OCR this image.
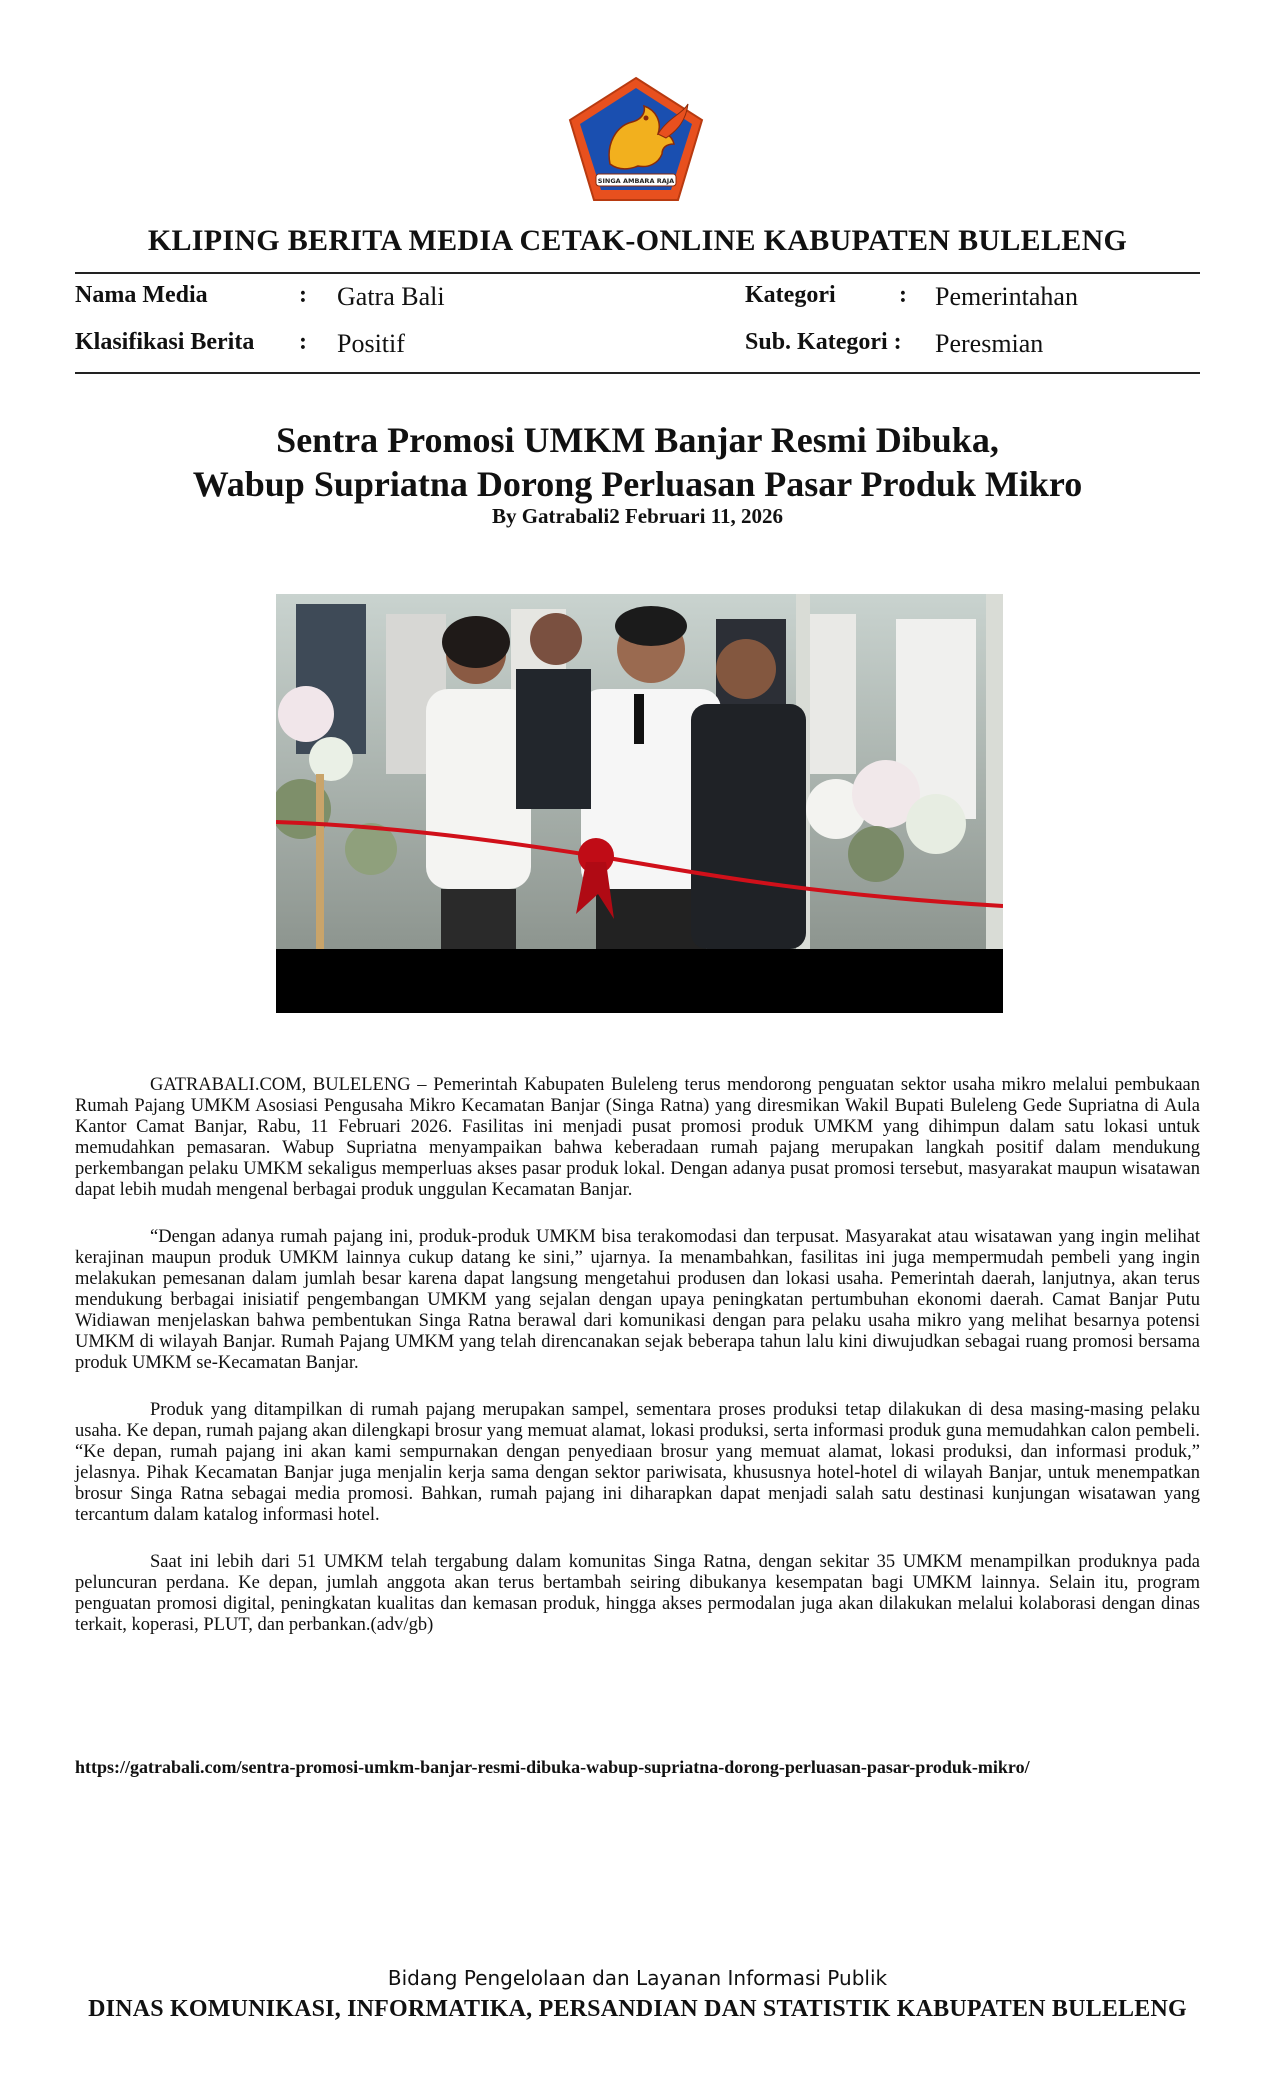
SINGA AMBARA RAJA
KLIPING BERITA MEDIA CETAK-ONLINE KABUPATEN BULELENG
Nama Media	: Gatra Bali	Kategori	: Pemerintahan
Klasifikasi Berita : Positif	Sub. Kategori : Peresmian
Sentra Promosi UMKM Banjar Resmi Dibuka,
Wabup Supriatna Dorong Perluasan Pasar Produk Mikro
By Gatrabali2 Februari 11, 2026

GATRABALI.COM, BULELENG – Pemerintah Kabupaten Buleleng terus mendorong penguatan sektor usaha mikro melalui pembukaan Rumah Pajang UMKM Asosiasi Pengusaha Mikro Kecamatan Banjar (Singa Ratna) yang diresmikan Wakil Bupati Buleleng Gede Supriatna di Aula Kantor Camat Banjar, Rabu, 11 Februari 2026. Fasilitas ini menjadi pusat promosi produk UMKM yang dihimpun dalam satu lokasi untuk memudahkan pemasaran. Wabup Supriatna menyampaikan bahwa keberadaan rumah pajang merupakan langkah positif dalam mendukung perkembangan pelaku UMKM sekaligus memperluas akses pasar produk lokal. Dengan adanya pusat promosi tersebut, masyarakat maupun wisatawan dapat lebih mudah mengenal berbagai produk unggulan Kecamatan Banjar.

“Dengan adanya rumah pajang ini, produk-produk UMKM bisa terakomodasi dan terpusat. Masyarakat atau wisatawan yang ingin melihat kerajinan maupun produk UMKM lainnya cukup datang ke sini,” ujarnya. Ia menambahkan, fasilitas ini juga mempermudah pembeli yang ingin melakukan pemesanan dalam jumlah besar karena dapat langsung mengetahui produsen dan lokasi usaha. Pemerintah daerah, lanjutnya, akan terus mendukung berbagai inisiatif pengembangan UMKM yang sejalan dengan upaya peningkatan pertumbuhan ekonomi daerah. Camat Banjar Putu Widiawan menjelaskan bahwa pembentukan Singa Ratna berawal dari komunikasi dengan para pelaku usaha mikro yang melihat besarnya potensi UMKM di wilayah Banjar. Rumah Pajang UMKM yang telah direncanakan sejak beberapa tahun lalu kini diwujudkan sebagai ruang promosi bersama produk UMKM se-Kecamatan Banjar.

Produk yang ditampilkan di rumah pajang merupakan sampel, sementara proses produksi tetap dilakukan di desa masing-masing pelaku usaha. Ke depan, rumah pajang akan dilengkapi brosur yang memuat alamat, lokasi produksi, serta informasi produk guna memudahkan calon pembeli. “Ke depan, rumah pajang ini akan kami sempurnakan dengan penyediaan brosur yang memuat alamat, lokasi produksi, dan informasi produk,” jelasnya. Pihak Kecamatan Banjar juga menjalin kerja sama dengan sektor pariwisata, khususnya hotel-hotel di wilayah Banjar, untuk menempatkan brosur Singa Ratna sebagai media promosi. Bahkan, rumah pajang ini diharapkan dapat menjadi salah satu destinasi kunjungan wisatawan yang tercantum dalam katalog informasi hotel.

Saat ini lebih dari 51 UMKM telah tergabung dalam komunitas Singa Ratna, dengan sekitar 35 UMKM menampilkan produknya pada peluncuran perdana. Ke depan, jumlah anggota akan terus bertambah seiring dibukanya kesempatan bagi UMKM lainnya. Selain itu, program penguatan promosi digital, peningkatan kualitas dan kemasan produk, hingga akses permodalan juga akan dilakukan melalui kolaborasi dengan dinas terkait, koperasi, PLUT, dan perbankan.(adv/gb)

https://gatrabali.com/sentra-promosi-umkm-banjar-resmi-dibuka-wabup-supriatna-dorong-perluasan-pasar-produk-mikro/
Bidang Pengelolaan dan Layanan Informasi Publik
DINAS KOMUNIKASI, INFORMATIKA, PERSANDIAN DAN STATISTIK KABUPATEN BULELENG
